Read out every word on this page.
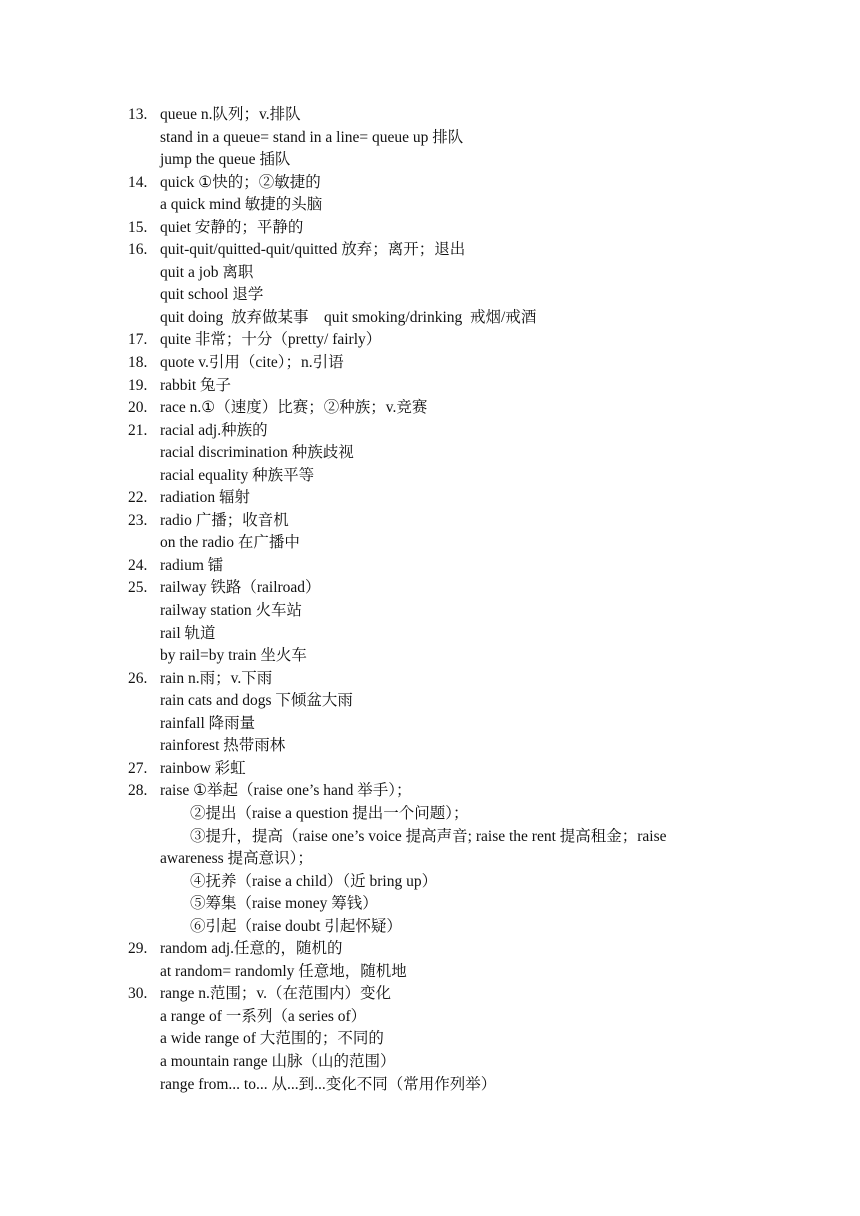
13. queue n.队列；v.排队
stand in a queue= stand in a line= queue up 排队
jump the queue 插队
14. quick ①快的；②敏捷的
a quick mind 敏捷的头脑
15. quiet 安静的；平静的
16. quit-quit/quitted-quit/quitted 放弃；离开；退出
quit a job 离职
quit school 退学
quit doing  放弃做某事    quit smoking/drinking  戒烟/戒酒
17. quite 非常；十分（pretty/ fairly）
18. quote v.引用（cite）；n.引语
19. rabbit 兔子
20. race n.①（速度）比赛；②种族；v.竞赛
21. racial adj.种族的
racial discrimination 种族歧视
racial equality 种族平等
22. radiation 辐射
23. radio 广播；收音机
on the radio 在广播中
24. radium 镭
25. railway 铁路（railroad）
railway station 火车站
rail 轨道
by rail=by train 坐火车
26. rain n.雨；v.下雨
rain cats and dogs 下倾盆大雨
rainfall 降雨量
rainforest 热带雨林
27. rainbow 彩虹
28. raise ①举起（raise one’s hand 举手）；
②提出（raise a question 提出一个问题）；
③提升，提高（raise one’s voice 提高声音; raise the rent 提高租金；raise
awareness 提高意识）；
④抚养（raise a child）（近 bring up）
⑤筹集（raise money 筹钱）
⑥引起（raise doubt 引起怀疑）
29. random adj.任意的，随机的
at random= randomly 任意地，随机地
30. range n.范围；v.（在范围内）变化
a range of 一系列（a series of）
a wide range of 大范围的；不同的
a mountain range 山脉（山的范围）
range from... to... 从...到...变化不同（常用作列举）
